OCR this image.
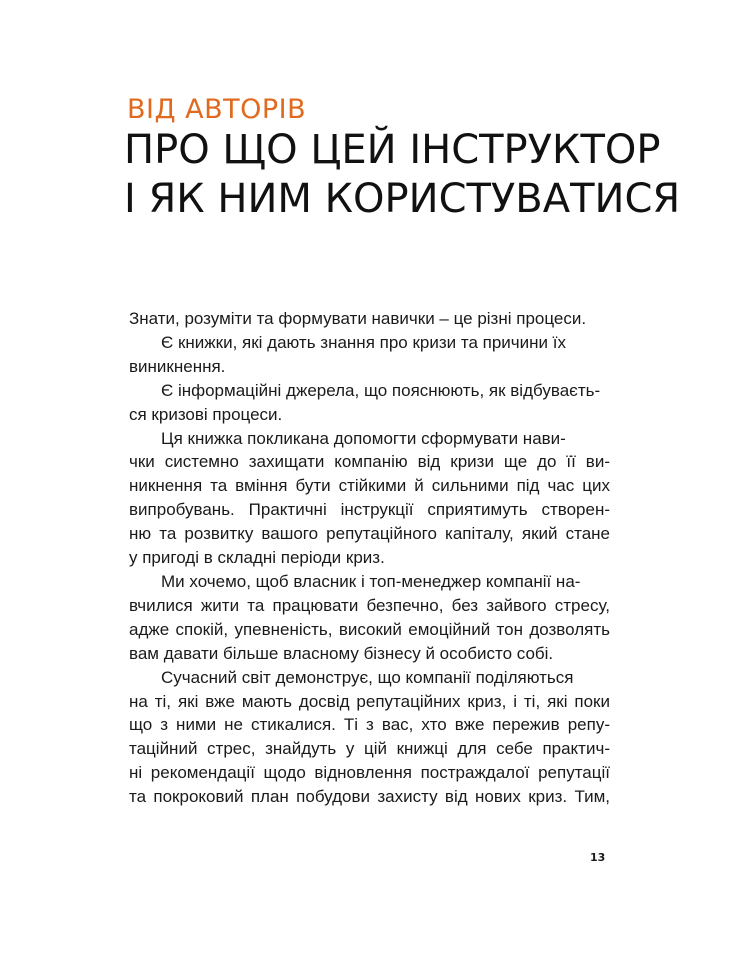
ВІД АВТОРІВ
ПРО ЩО ЦЕЙ ІНСТРУКТОР
І ЯК НИМ КОРИСТУВАТИСЯ
Знати, розуміти та формувати навички – це різні процеси.
Є книжки, які дають знання про кризи та причини їх
виникнення.
Є інформаційні джерела, що пояснюють, як відбуваєть-
ся кризові процеси.
Ця книжка покликана допомогти сформувати нави-
чки системно захищати компанію від кризи ще до її ви-
никнення та вміння бути стійкими й сильними під час цих
випробувань. Практичні інструкції сприятимуть створен-
ню та розвитку вашого репутаційного капіталу, який стане
у пригоді в складні періоди криз.
Ми хочемо, щоб власник і топ-менеджер компанії на-
вчилися жити та працювати безпечно, без зайвого стресу,
адже спокій, упевненість, високий емоційний тон дозволять
вам давати більше власному бізнесу й особисто собі.
Сучасний світ демонструє, що компанії поділяються
на ті, які вже мають досвід репутаційних криз, і ті, які поки
що з ними не стикалися. Ті з вас, хто вже пережив репу-
таційний стрес, знайдуть у цій книжці для себе практич-
ні рекомендації щодо відновлення постраждалої репутації
та покроковий план побудови захисту від нових криз. Тим,
13
